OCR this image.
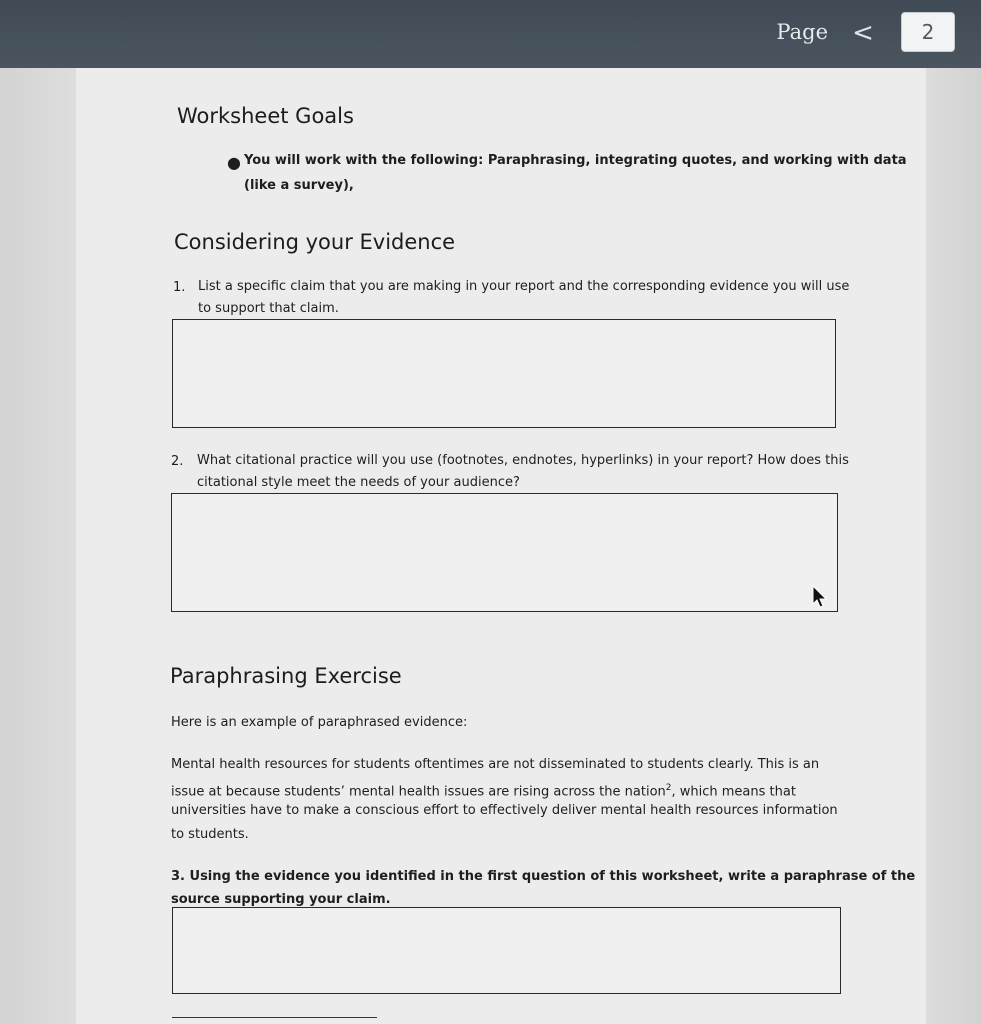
Page <	2
Worksheet Goals
● You will work with the following: Paraphrasing, integrating quotes, and working with data

(like a survey),

Considering your Evidence
1. List a specific claim that you are making in your report and the corresponding evidence you will use

to support that claim.

2. What citational practice will you use (footnotes, endnotes, hyperlinks) in your report? How does this

citational style meet the needs of your audience?

Paraphrasing Exercise

Here is an example of paraphrased evidence:

Mental health resources for students oftentimes are not disseminated to students clearly. This is an

issue at because students’ mental health issues are rising across the nation$^2$, which means that

universities have to make a conscious effort to effectively deliver mental health resources information

to students.

3. Using the evidence you identified in the first question of this worksheet, write a paraphrase of the

source supporting your claim.
